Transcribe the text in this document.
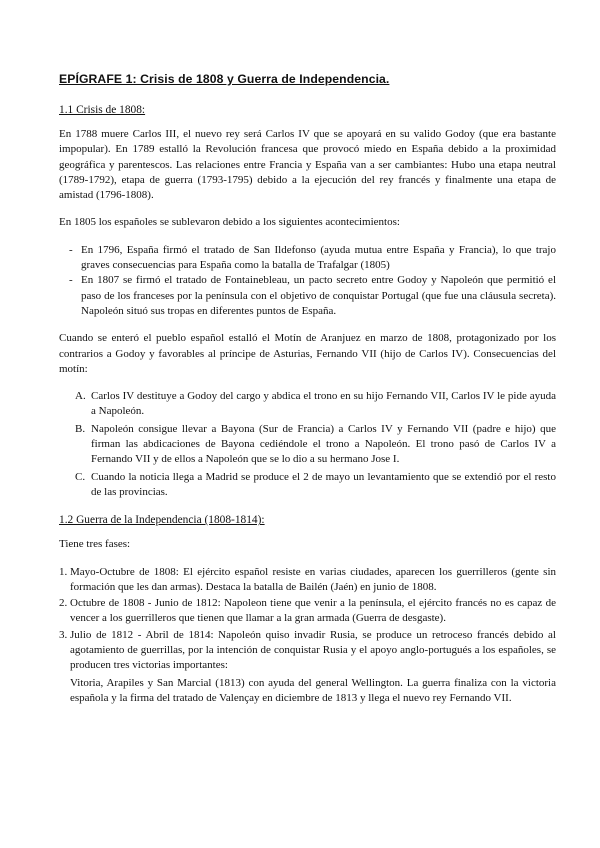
EPÍGRAFE 1: Crisis de 1808 y Guerra de Independencia.
1.1 Crisis de 1808:

En 1788 muere Carlos III, el nuevo rey será Carlos IV que se apoyará en su valido Godoy (que era bastante impopular). En 1789 estalló la Revolución francesa que provocó miedo en España debido a la proximidad geográfica y parentescos. Las relaciones entre Francia y España van a ser cambiantes: Hubo una etapa neutral (1789-1792), etapa de guerra (1793-1795) debido a la ejecución del rey francés y finalmente una etapa de amistad (1796-1808).

En 1805 los españoles se sublevaron debido a los siguientes acontecimientos:

- En 1796, España firmó el tratado de San Ildefonso (ayuda mutua entre España y Francia), lo que trajo graves consecuencias para España como la batalla de Trafalgar (1805)
- En 1807 se firmó el tratado de Fontainebleau, un pacto secreto entre Godoy y Napoleón que permitió el paso de los franceses por la península con el objetivo de conquistar Portugal (que fue una cláusula secreta). Napoleón situó sus tropas en diferentes puntos de España.

Cuando se enteró el pueblo español estalló el Motín de Aranjuez en marzo de 1808, protagonizado por los contrarios a Godoy y favorables al príncipe de Asturias, Fernando VII (hijo de Carlos IV). Consecuencias del motín:

A. Carlos IV destituye a Godoy del cargo y abdica el trono en su hijo Fernando VII, Carlos IV le pide ayuda a Napoleón.
B. Napoleón consigue llevar a Bayona (Sur de Francia) a Carlos IV y Fernando VII (padre e hijo) que firman las abdicaciones de Bayona cediéndole el trono a Napoleón. El trono pasó de Carlos IV a Fernando VII y de ellos a Napoleón que se lo dio a su hermano Jose I.
C. Cuando la noticia llega a Madrid se produce el 2 de mayo un levantamiento que se extendió por el resto de las provincias.
1.2 Guerra de la Independencia (1808-1814):

Tiene tres fases:

1. Mayo-Octubre de 1808: El ejército español resiste en varias ciudades, aparecen los guerrilleros (gente sin formación que les dan armas). Destaca la batalla de Bailén (Jaén) en junio de 1808.
2. Octubre de 1808 - Junio de 1812: Napoleon tiene que venir a la península, el ejército francés no es capaz de vencer a los guerrilleros que tienen que llamar a la gran armada (Guerra de desgaste).
3. Julio de 1812 - Abril de 1814: Napoleón quiso invadir Rusia, se produce un retroceso francés debido al agotamiento de guerrillas, por la intención de conquistar Rusia y el apoyo anglo-portugués a los españoles, se producen tres victorias importantes:
Vitoria, Arapiles y San Marcial (1813) con ayuda del general Wellington. La guerra finaliza con la victoria española y la firma del tratado de Valençay en diciembre de 1813 y llega el nuevo rey Fernando VII.
